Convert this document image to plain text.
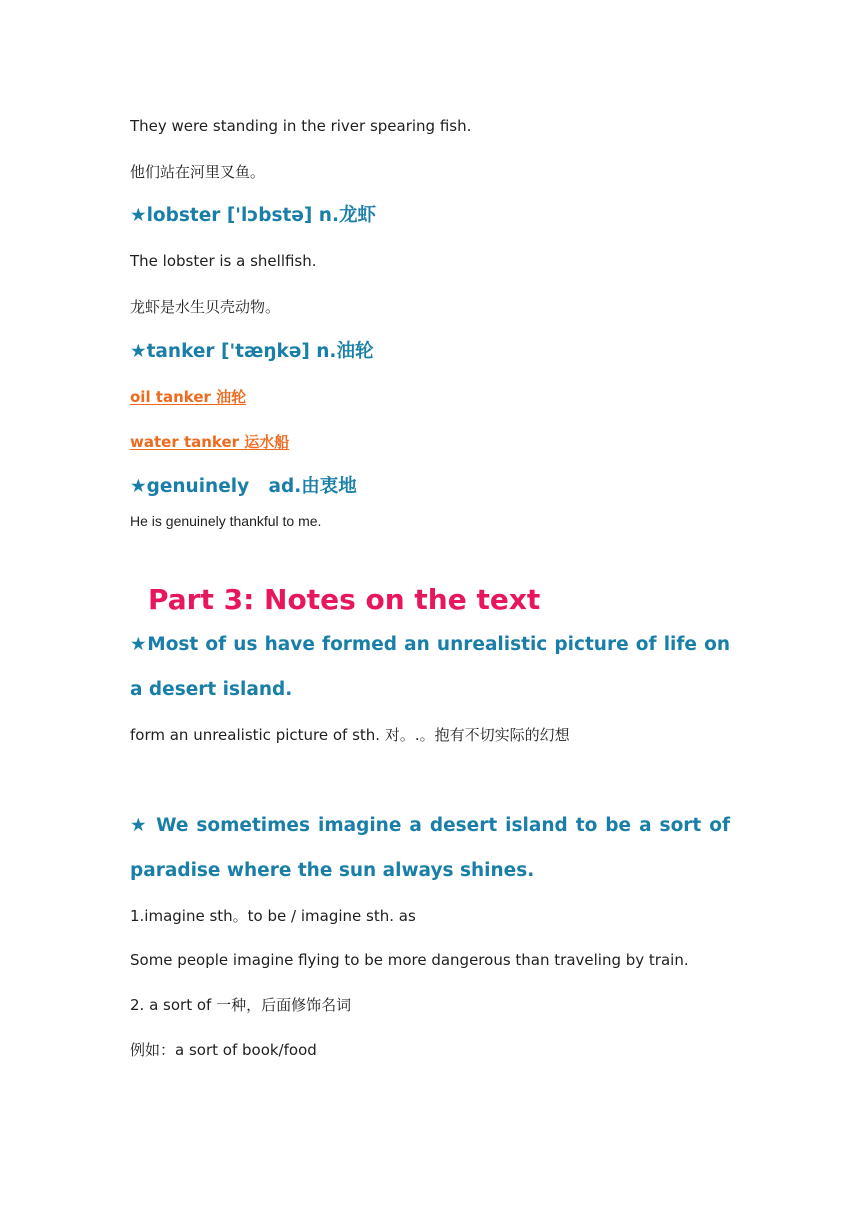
They were standing in the river spearing fish.
他们站在河里叉鱼。
★lobster ['lɔbstə] n.龙虾
The lobster is a shellfish.
龙虾是水生贝壳动物。
★tanker ['tæŋkə] n.油轮
oil tanker 油轮
water tanker 运水船
★genuinely   ad.由衷地
He is genuinely thankful to me.
Part 3: Notes on the text
★Most of us have formed an unrealistic picture of life on a desert island.
form an unrealistic picture of sth. 对。.。抱有不切实际的幻想
★ We sometimes imagine a desert island to be a sort of paradise where the sun always shines.
1.imagine sth。to be / imagine sth. as
Some people imagine flying to be more dangerous than traveling by train.
2. a sort of 一种，后面修饰名词
例如：a sort of book/food
